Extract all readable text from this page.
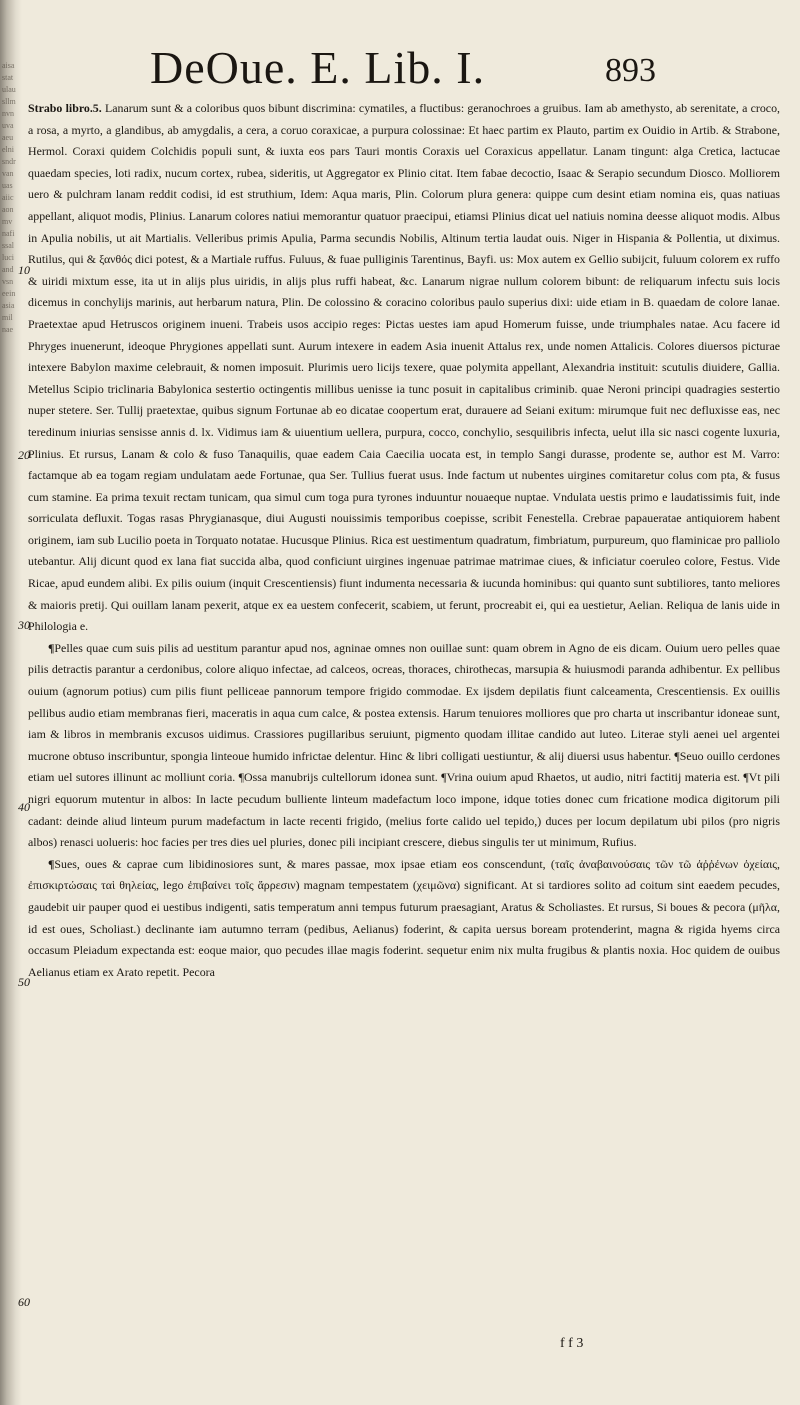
aisastatulausllmnvnuvaaeuelnisndrvanuasaiicaonmvnafissalluciandvsneeinasiamilnae
DeOue. E. Lib. I.	893
10
20
30
40
50
60

Strabo libro.5. Lanarum sunt & a coloribus quos bibunt discrimina: cymatiles, a fluctibus: geranochroes a gruibus. Iam ab amethysto, ab serenitate, a croco, a rosa, a myrto, a glandibus, ab amygdalis, a cera, a coruo coraxicae, a purpura colossinae: Et haec partim ex Plauto, partim ex Ouidio in Artib. & Strabone, Hermol. Coraxi quidem Colchidis populi sunt, & iuxta eos pars Tauri montis Coraxis uel Coraxicus appellatur. Lanam tingunt: alga Cretica, lactucae quaedam species, loti radix, nucum cortex, rubea, sideritis, ut Aggregator ex Plinio citat. Item fabae decoctio, Isaac & Serapio secundum Diosco. Molliorem uero & pulchram lanam reddit codisi, id est struthium, Idem: Aqua maris, Plin. Colorum plura genera: quippe cum desint etiam nomina eis, quas natiuas appellant, aliquot modis, Plinius. Lanarum colores natiui memorantur quatuor praecipui, etiamsi Plinius dicat uel natiuis nomina deesse aliquot modis. Albus in Apulia nobilis, ut ait Martialis. Velleribus primis Apulia, Parma secundis Nobilis, Altinum tertia laudat ouis. Niger in Hispania & Pollentia, ut diximus. Rutilus, qui & ξανθός dici potest, & a Martiale ruffus. Fuluus, & fuae pulliginis Tarentinus, Bayfi. us: Mox autem ex Gellio subijcit, fuluum colorem ex ruffo & uiridi mixtum esse, ita ut in alijs plus uiridis, in alijs plus ruffi habeat, &c. Lanarum nigrae nullum colorem bibunt: de reliquarum infectu suis locis dicemus in conchylijs marinis, aut herbarum natura, Plin. De colossino & coracino coloribus paulo superius dixi: uide etiam in B. quaedam de colore lanae. Praetextae apud Hetruscos originem inueni. Trabeis usos accipio reges: Pictas uestes iam apud Homerum fuisse, unde triumphales natae. Acu facere id Phryges inuenerunt, ideoque Phrygiones appellati sunt. Aurum intexere in eadem Asia inuenit Attalus rex, unde nomen Attalicis. Colores diuersos picturae intexere Babylon maxime celebrauit, & nomen imposuit. Plurimis uero licijs texere, quae polymita appellant, Alexandria instituit: scutulis diuidere, Gallia. Metellus Scipio triclinaria Babylonica sestertio octingentis millibus uenisse ia tunc posuit in capitalibus criminib. quae Neroni principi quadragies sestertio nuper stetere. Ser. Tullij praetextae, quibus signum Fortunae ab eo dicatae coopertum erat, durauere ad Seiani exitum: mirumque fuit nec defluxisse eas, nec teredinum iniurias sensisse annis d. lx. Vidimus iam & uiuentium uellera, purpura, cocco, conchylio, sesquilibris infecta, uelut illa sic nasci cogente luxuria, Plinius. Et rursus, Lanam & colo & fuso Tanaquilis, quae eadem Caia Caecilia uocata est, in templo Sangi durasse, prodente se, author est M. Varro: factamque ab ea togam regiam undulatam aede Fortunae, qua Ser. Tullius fuerat usus. Inde factum ut nubentes uirgines comitaretur colus com pta, & fusus cum stamine. Ea prima texuit rectam tunicam, qua simul cum toga pura tyrones induuntur nouaeque nuptae. Vndulata uestis primo e laudatissimis fuit, inde sorriculata defluxit. Togas rasas Phrygianasque, diui Augusti nouissimis temporibus coepisse, scribit Fenestella. Crebrae papaueratae antiquiorem habent originem, iam sub Lucilio poeta in Torquato notatae. Hucusque Plinius. Rica est uestimentum quadratum, fimbriatum, purpureum, quo flaminicae pro palliolo utebantur. Alij dicunt quod ex lana fiat succida alba, quod conficiunt uirgines ingenuae patrimae matrimae ciues, & inficiatur coeruleo colore, Festus. Vide Ricae, apud eundem alibi. Ex pilis ouium (inquit Crescentiensis) fiunt indumenta necessaria & iucunda hominibus: qui quanto sunt subtiliores, tanto meliores & maioris pretij. Qui ouillam lanam pexerit, atque ex ea uestem confecerit, scabiem, ut ferunt, procreabit ei, qui ea uestietur, Aelian. Reliqua de lanis uide in Philologia e.

¶Pelles quae cum suis pilis ad uestitum parantur apud nos, agninae omnes non ouillae sunt: quam obrem in Agno de eis dicam. Ouium uero pelles quae pilis detractis parantur a cerdonibus, colore aliquo infectae, ad calceos, ocreas, thoraces, chirothecas, marsupia & huiusmodi paranda adhibentur. Ex pellibus ouium (agnorum potius) cum pilis fiunt pelliceae pannorum tempore frigido commodae. Ex ijsdem depilatis fiunt calceamenta, Crescentiensis. Ex ouillis pellibus audio etiam membranas fieri, maceratis in aqua cum calce, & postea extensis. Harum tenuiores molliores que pro charta ut inscribantur idoneae sunt, iam & libros in membranis excusos uidimus. Crassiores pugillaribus seruiunt, pigmento quodam illitae candido aut luteo. Literae styli aenei uel argentei mucrone obtuso inscribuntur, spongia linteoue humido infrictae delentur. Hinc & libri colligati uestiuntur, & alij diuersi usus habentur. ¶Seuo ouillo cerdones etiam uel sutores illinunt ac molliunt coria. ¶Ossa manubrijs cultellorum idonea sunt. ¶Vrina ouium apud Rhaetos, ut audio, nitri factitij materia est. ¶Vt pili nigri equorum mutentur in albos: In lacte pecudum bulliente linteum madefactum loco impone, idque toties donec cum fricatione modica digitorum pili cadant: deinde aliud linteum purum madefactum in lacte recenti frigido, (melius forte calido uel tepido,) duces per locum depilatum ubi pilos (pro nigris albos) renasci uolueris: hoc facies per tres dies uel pluries, donec pili incipiant crescere, diebus singulis ter ut minimum, Rufius.

¶Sues, oues & caprae cum libidinosiores sunt, & mares passae, mox ipsae etiam eos conscendunt, (ταῖς ἀναβαινούσαις τῶν τῶ ἀῤῥένων ὀχείαις, ἐπισκιρτώσαις ταὶ θηλείας, lego ἐπιβαίνει τοῖς ἄρρεσιν) magnam tempestatem (χειμῶνα) significant. At si tardiores solito ad coitum sint eaedem pecudes, gaudebit uir pauper quod ei uestibus indigenti, satis temperatum anni tempus futurum praesagiant, Aratus & Scholiastes. Et rursus, Si boues & pecora (μῆλα, id est oues, Scholiast.) declinante iam autumno terram (pedibus, Aelianus) foderint, & capita uersus boream protenderint, magna & rigida hyems circa occasum Pleiadum expectanda est: eoque maior, quo pecudes illae magis foderint. sequetur enim nix multa frugibus & plantis noxia. Hoc quidem de ouibus Aelianus etiam ex Arato repetit. Pecora

f f 3
